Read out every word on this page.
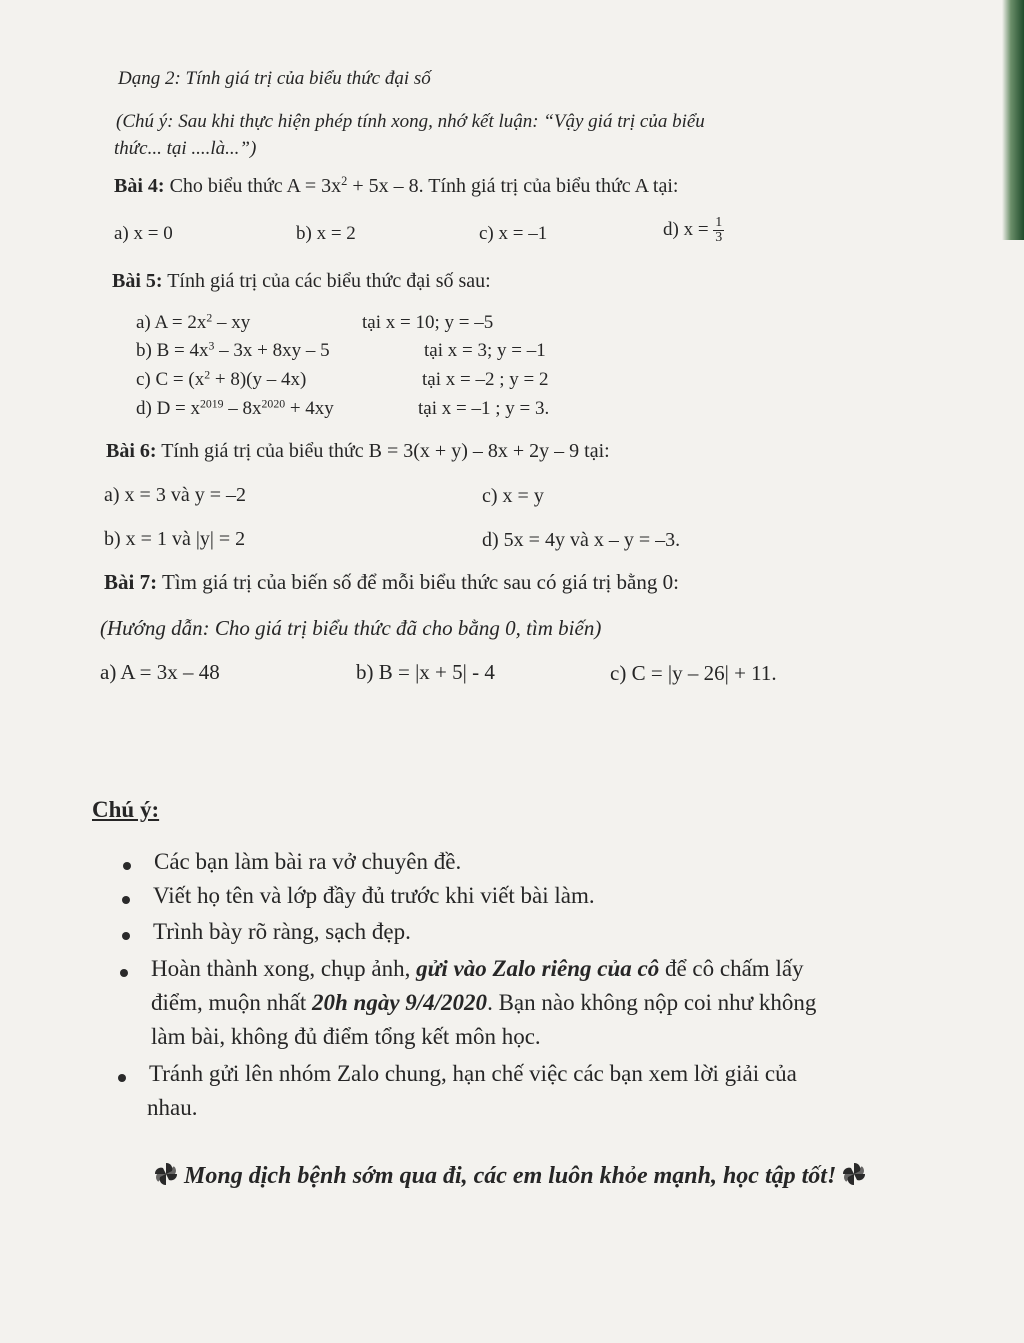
Dạng 2: Tính giá trị của biểu thức đại số
(Chú ý: Sau khi thực hiện phép tính xong, nhớ kết luận: “Vậy giá trị của biểu
thức... tại ....là...”)
Bài 4: Cho biểu thức $A = 3x^2 + 5x - 8$. Tính giá trị của biểu thức A tại:
a) x = 0	b) x = 2	c) x = –1	d) $x = \frac{1}{3}$
Bài 5: Tính giá trị của các biểu thức đại số sau:
a) $A = 2x^2$ – xy	tại x = 10; y = –5
b) $B = 4x^3 - 3x + 8xy - 5$	tại x = 3; y = –1
c) $C = (x^2 + 8)(y - 4x)$	tại x = –2 ; y = 2
d) $D = x^{2019} - 8x^{2020} + 4xy$	tại x = –1 ; y = 3.
Bài 6: Tính giá trị của biểu thức B = 3(x + y) – 8x + 2y – 9 tại:
a) x = 3 và y = –2	c) x = y
b) x = 1 và |y| = 2	d) 5x = 4y và x – y = –3.
Bài 7: Tìm giá trị của biến số để mỗi biểu thức sau có giá trị bằng 0:
(Hướng dẫn: Cho giá trị biểu thức đã cho bằng 0, tìm biến)
a) A = 3x – 48	b) B = |x + 5| - 4	c) C = |y – 26| + 11.
Chú ý:
Các bạn làm bài ra vở chuyên đề.
Viết họ tên và lớp đầy đủ trước khi viết bài làm.
Trình bày rõ ràng, sạch đẹp.
Hoàn thành xong, chụp ảnh, gửi vào Zalo riêng của cô để cô chấm lấy
điểm, muộn nhất 20h ngày 9/4/2020. Bạn nào không nộp coi như không
làm bài, không đủ điểm tổng kết môn học.
Tránh gửi lên nhóm Zalo chung, hạn chế việc các bạn xem lời giải của
nhau.
Mong dịch bệnh sớm qua đi, các em luôn khỏe mạnh, học tập tốt!
